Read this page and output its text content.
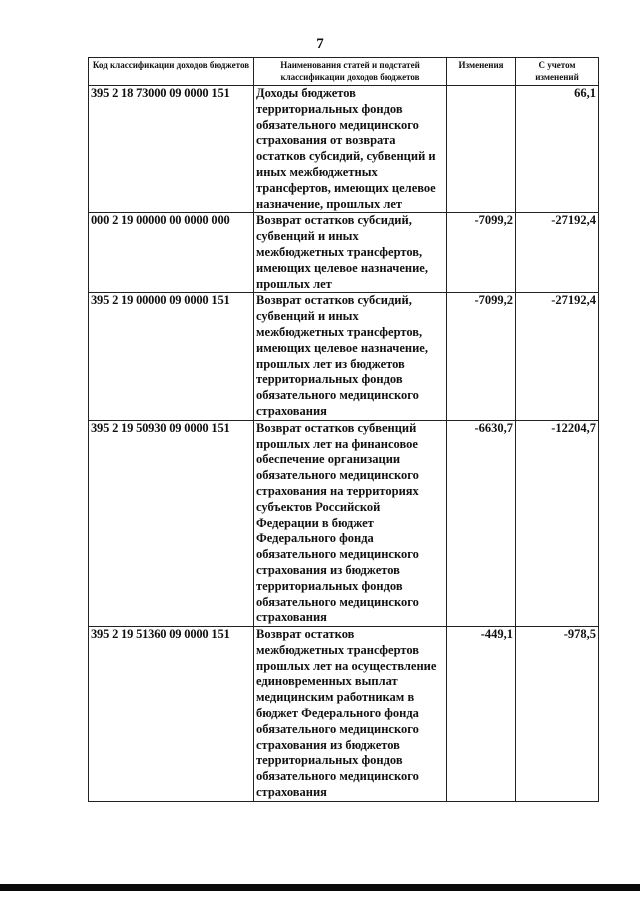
7
Код классификации доходов бюджетов	Наименования статей и подстатей классификации доходов бюджетов	Изменения	С учетом изменений
395 2 18 73000 09 0000 151	Доходы бюджетов территориальных фондов обязательного медицинского страхования от возврата остатков субсидий, субвенций и иных межбюджетных трансфертов, имеющих целевое назначение, прошлых лет		66,1
000 2 19 00000 00 0000 000	Возврат остатков субсидий, субвенций и иных межбюджетных трансфертов, имеющих целевое назначение, прошлых лет	-7099,2	-27192,4
395 2 19 00000 09 0000 151	Возврат остатков субсидий, субвенций и иных межбюджетных трансфертов, имеющих целевое назначение, прошлых лет из бюджетов территориальных фондов обязательного медицинского страхования	-7099,2	-27192,4
395 2 19 50930 09 0000 151	Возврат остатков субвенций прошлых лет на финансовое обеспечение организации обязательного медицинского страхования на территориях субъектов Российской Федерации в бюджет Федерального фонда обязательного медицинского страхования из бюджетов территориальных фондов обязательного медицинского страхования	-6630,7	-12204,7
395 2 19 51360 09 0000 151	Возврат остатков межбюджетных трансфертов прошлых лет на осуществление единовременных выплат медицинским работникам в бюджет Федерального фонда обязательного медицинского страхования из бюджетов территориальных фондов обязательного медицинского страхования	-449,1	-978,5
